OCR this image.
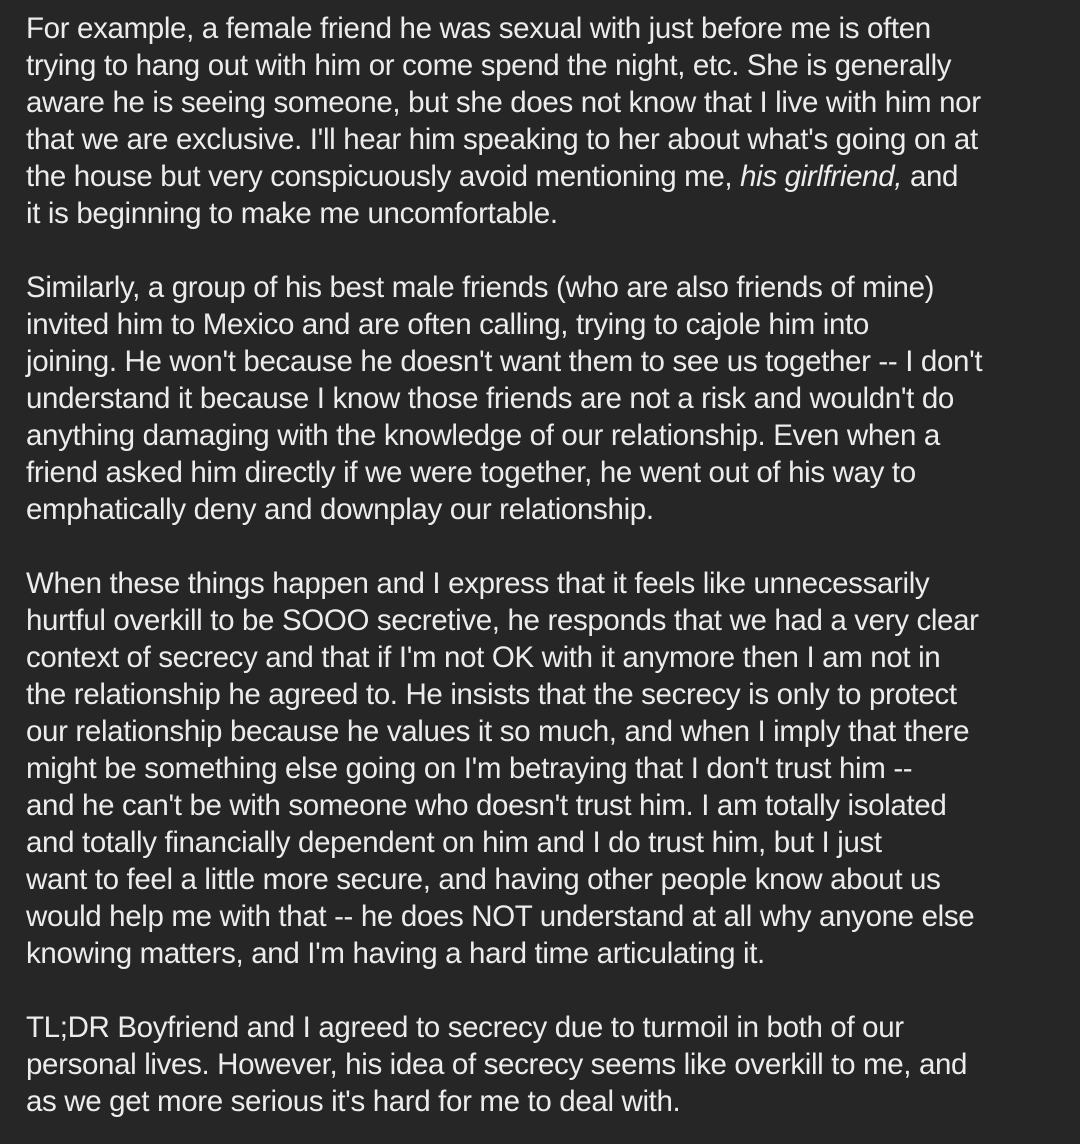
For example, a female friend he was sexual with just before me is often
trying to hang out with him or come spend the night, etc. She is generally
aware he is seeing someone, but she does not know that I live with him nor
that we are exclusive. I'll hear him speaking to her about what's going on at
the house but very conspicuously avoid mentioning me, his girlfriend, and
it is beginning to make me uncomfortable.

Similarly, a group of his best male friends (who are also friends of mine)
invited him to Mexico and are often calling, trying to cajole him into
joining. He won't because he doesn't want them to see us together -- I don't
understand it because I know those friends are not a risk and wouldn't do
anything damaging with the knowledge of our relationship. Even when a
friend asked him directly if we were together, he went out of his way to
emphatically deny and downplay our relationship.

When these things happen and I express that it feels like unnecessarily
hurtful overkill to be SOOO secretive, he responds that we had a very clear
context of secrecy and that if I'm not OK with it anymore then I am not in
the relationship he agreed to. He insists that the secrecy is only to protect
our relationship because he values it so much, and when I imply that there
might be something else going on I'm betraying that I don't trust him --
and he can't be with someone who doesn't trust him. I am totally isolated
and totally financially dependent on him and I do trust him, but I just
want to feel a little more secure, and having other people know about us
would help me with that -- he does NOT understand at all why anyone else
knowing matters, and I'm having a hard time articulating it.

TL;DR Boyfriend and I agreed to secrecy due to turmoil in both of our
personal lives. However, his idea of secrecy seems like overkill to me, and
as we get more serious it's hard for me to deal with.
